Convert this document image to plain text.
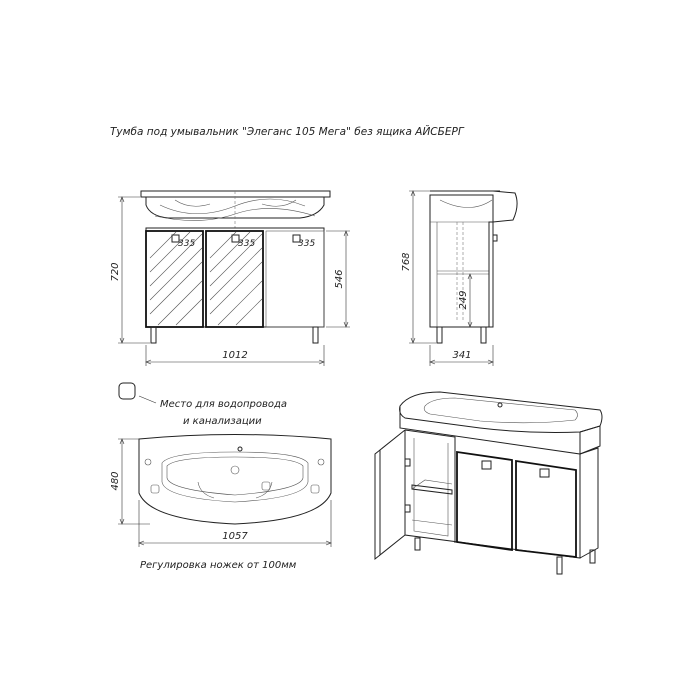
Тумба под умывальник "Элеганс 105 Мега" без ящика АЙСБЕРГ
335	335	335
720	546
1012
768
249
341
Место для водопровода
и канализации
480
1057
Регулировка ножек от 100мм
